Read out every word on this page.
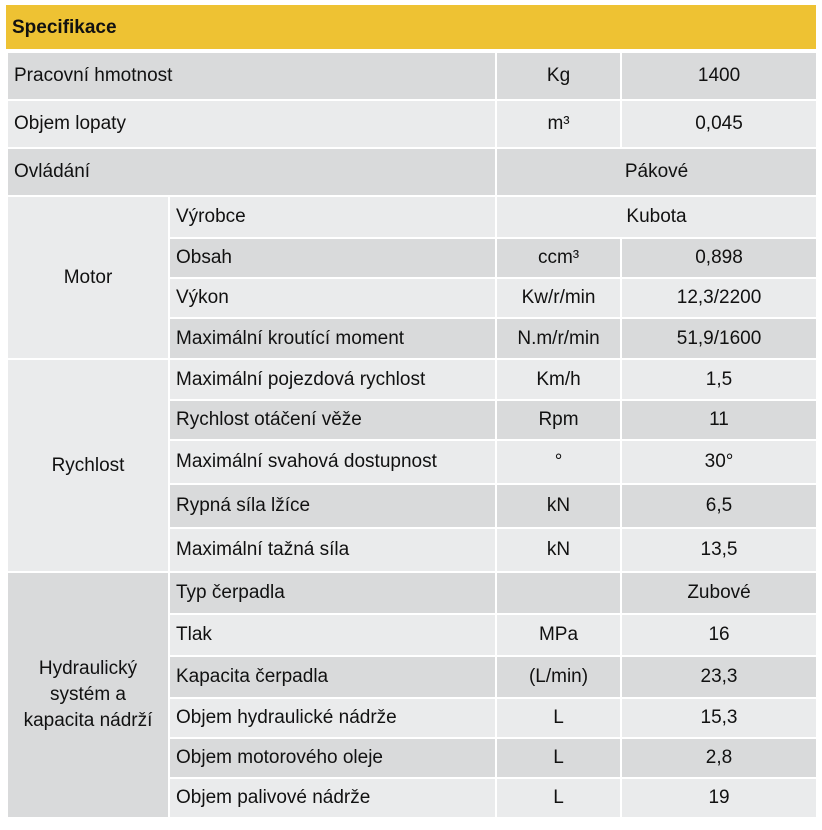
Specifikace
Pracovní hmotnost		Kg	1400
Objem lopaty		m³	0,045
Ovládání		Pákové	
Motor	Výrobce	Kubota	
	Obsah	ccm³	0,898
	Výkon	Kw/r/min	12,3/2200
	Maximální kroutící moment	N.m/r/min	51,9/1600
Rychlost	Maximální pojezdová rychlost	Km/h	1,5
	Rychlost otáčení věže	Rpm	11
	Maximální svahová dostupnost	°	30°
	Rypná síla lžíce	kN	6,5
	Maximální tažná síla	kN	13,5

Hydraulický
systém a
kapacita nádrží	Typ čerpadla		Zubové
	Tlak	MPa	16
	Kapacita čerpadla	(L/min)	23,3
	Objem hydraulické nádrže	L	15,3
	Objem motorového oleje	L	2,8
	Objem palivové nádrže	L	19
